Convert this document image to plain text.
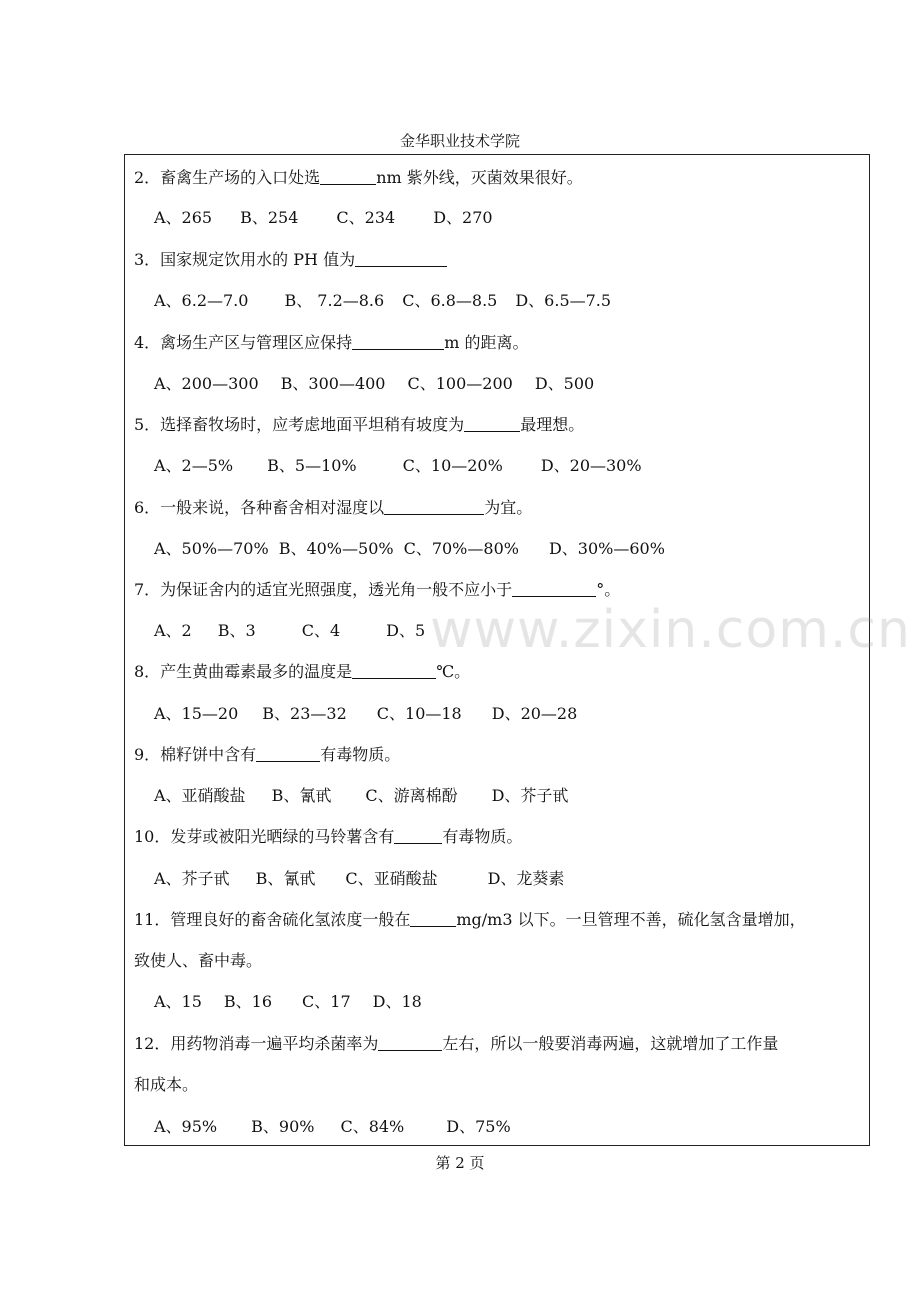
金华职业技术学院
www.zixin.com.cn
2．畜禽生产场的入口处选	nm 紫外线，灭菌效果很好。
A、265 B、254 C、234 D、270
3．国家规定饮用水的 PH 值为
A、6.2—7.0 B、 7.2—8.6 C、6.8—8.5 D、6.5—7.5
4．禽场生产区与管理区应保持	m 的距离。
A、200—300 B、300—400 C、100—200 D、500
5．选择畜牧场时，应考虑地面平坦稍有坡度为	最理想。
A、2—5% B、5—10%	C、10—20% D、20—30%
6．一般来说，各种畜舍相对湿度以	为宜。
A、50%—70% B、40%—50% C、70%—80% D、30%—60%
7．为保证舍内的适宜光照强度，透光角一般不应小于	°。
A、2 B、3	C、4	D、5
8．产生黄曲霉素最多的温度是	℃。
A、15—20 B、23—32 C、10—18 D、20—28
9．棉籽饼中含有	有毒物质。
A、亚硝酸盐 B、氰甙 C、游离棉酚 D、芥子甙
10．发芽或被阳光晒绿的马铃薯含有	有毒物质。
A、芥子甙 B、氰甙 C、亚硝酸盐	D、龙葵素
11．管理良好的畜舍硫化氢浓度一般在	mg/m3 以下。一旦管理不善，硫化氢含量增加，
致使人、畜中毒。
A、15 B、16 C、17 D、18
12．用药物消毒一遍平均杀菌率为	左右，所以一般要消毒两遍，这就增加了工作量
和成本。
A、95% B、90% C、84%	D、75%
第 2 页
